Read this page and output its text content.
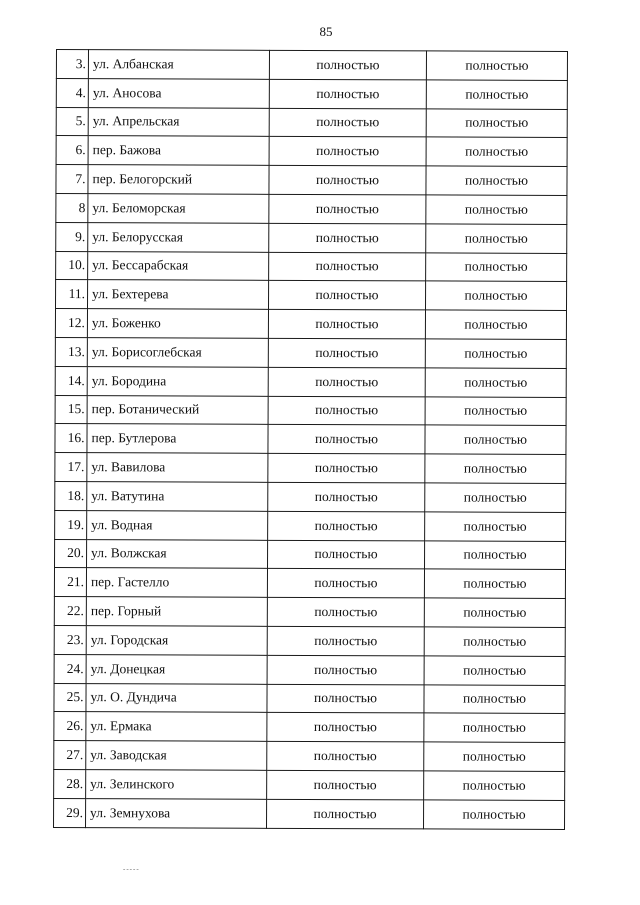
85
3.	ул. Албанская	полностью	полностью
4.	ул. Аносова	полностью	полностью
5.	ул. Апрельская	полностью	полностью
6.	пер. Бажова	полностью	полностью
7.	пер. Белогорский	полностью	полностью
8	ул. Беломорская	полностью	полностью
9.	ул. Белорусская	полностью	полностью
10.	ул. Бессарабская	полностью	полностью
11.	ул. Бехтерева	полностью	полностью
12.	ул. Боженко	полностью	полностью
13.	ул. Борисоглебская	полностью	полностью
14.	ул. Бородина	полностью	полностью
15.	пер. Ботанический	полностью	полностью
16.	пер. Бутлерова	полностью	полностью
17.	ул. Вавилова	полностью	полностью
18.	ул. Ватутина	полностью	полностью
19.	ул. Водная	полностью	полностью
20.	ул. Волжская	полностью	полностью
21.	пер. Гастелло	полностью	полностью
22.	пер. Горный	полностью	полностью
23.	ул. Городская	полностью	полностью
24.	ул. Донецкая	полностью	полностью
25.	ул. О. Дундича	полностью	полностью
26.	ул. Ермака	полностью	полностью
27.	ул. Заводская	полностью	полностью
28.	ул. Зелинского	полностью	полностью
29.	ул. Земнухова	полностью	полностью
-----
